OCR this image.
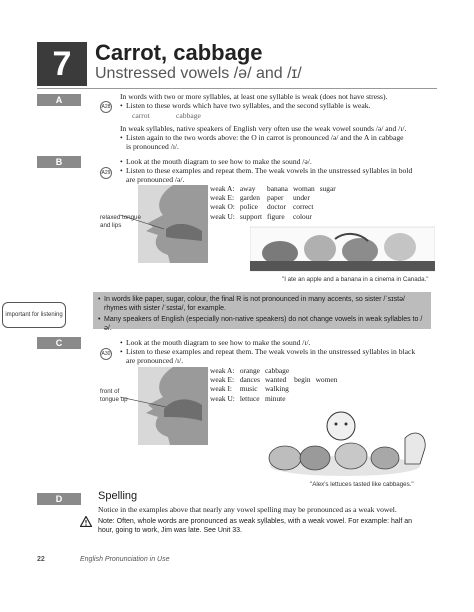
7 Carrot, cabbage
Unstressed vowels /ə/ and /ɪ/
A
A28
In words with two or more syllables, at least one syllable is weak (does not have stress).
• Listen to these words which have two syllables, and the second syllable is weak.
carrot	cabbage
In weak syllables, native speakers of English very often use the weak vowel sounds /ə/ and /ɪ/.
• Listen again to the two words above: the O in carrot is pronounced /ə/ and the A in cabbage
is pronounced /ɪ/.
B
A29
• Look at the mouth diagram to see how to make the sound /ə/.
• Listen to these examples and repeat them. The weak vowels in the unstressed syllables in bold
are pronounced /ə/.
relaxed tongue
and lips
weak A:	away	banana	woman	sugar
weak E:	garden	paper	under	
weak O:	police	doctor	correct	
weak U:	support	figure	colour	
"I ate an apple and a banana in a cinema in Canada."
important for listening
• In words like paper, sugar, colour, the final R is not pronounced in many accents, so sister /ˈsɪstə/
rhymes with sister /ˈsɪstə/, for example.
• Many speakers of English (especially non-native speakers) do not change vowels in weak syllables to /ə/.
C
A30
• Look at the mouth diagram to see how to make the sound /ɪ/.
• Listen to these examples and repeat them. The weak vowels in the unstressed syllables in black
are pronounced /ɪ/.
front of
tongue up
weak A:	orange	cabbage		
weak E:	dances	wanted	begin	women
weak I:	music	walking		
weak U:	lettuce	minute		
"Alex's lettuces tasted like cabbages."
D	Spelling
Notice in the examples above that nearly any vowel spelling may be pronounced as a weak vowel.
Note: Often, whole words are pronounced as weak syllables, with a weak vowel. For example: half an
hour, going to work, Jim was late. See Unit 33.
22	English Pronunciation in Use
